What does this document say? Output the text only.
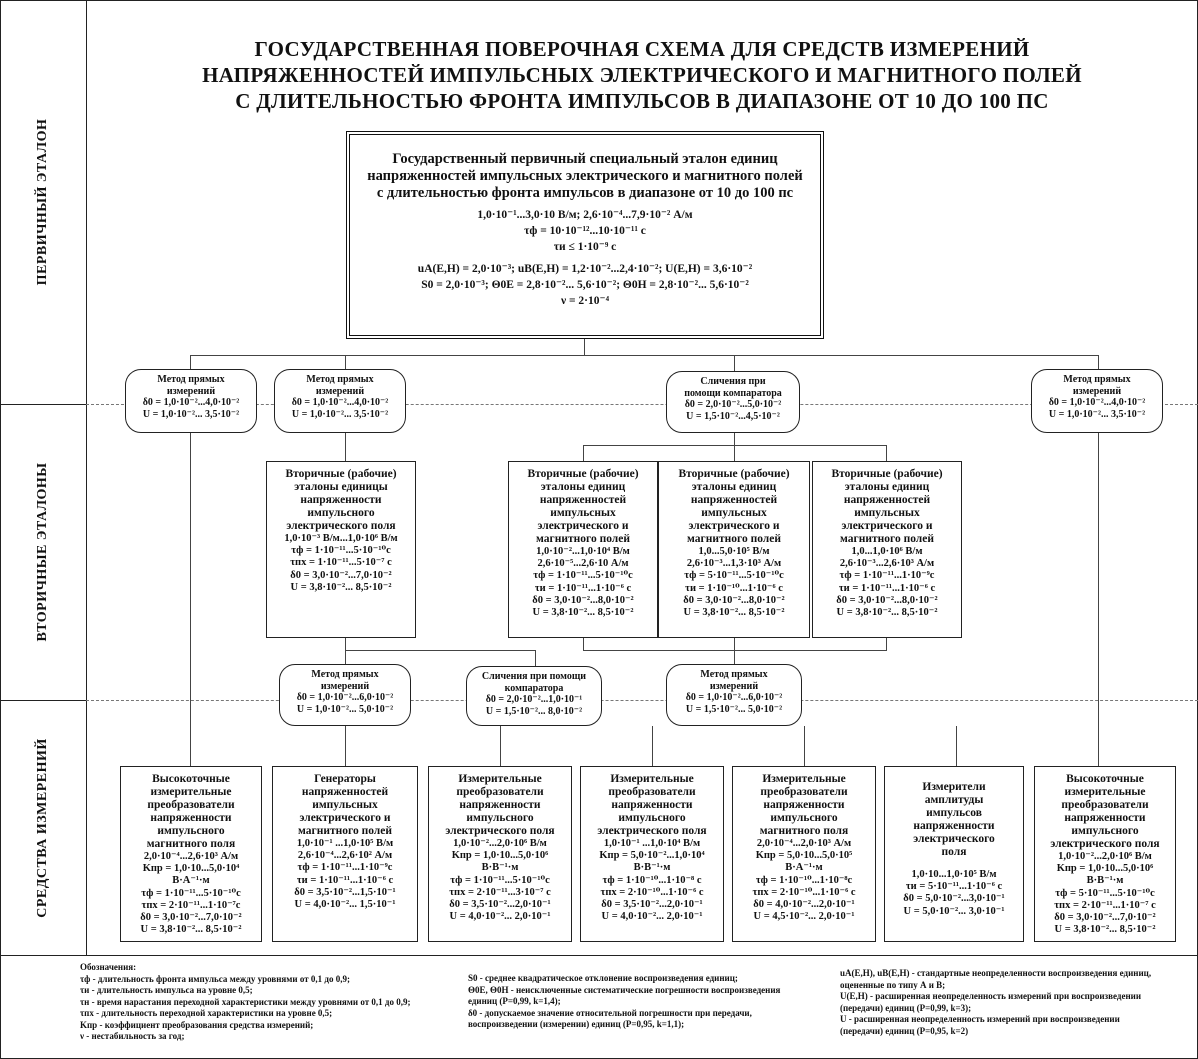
ПЕРВИЧНЫЙ ЭТАЛОН
ВТОРИЧНЫЕ ЭТАЛОНЫ
СРЕДСТВА ИЗМЕРЕНИЙ
ГОСУДАРСТВЕННАЯ ПОВЕРОЧНАЯ СХЕМА ДЛЯ СРЕДСТВ ИЗМЕРЕНИЙ
НАПРЯЖЕННОСТЕЙ ИМПУЛЬСНЫХ ЭЛЕКТРИЧЕСКОГО И МАГНИТНОГО ПОЛЕЙ
С ДЛИТЕЛЬНОСТЬЮ ФРОНТА ИМПУЛЬСОВ В ДИАПАЗОНЕ ОТ 10 ДО 100 ПС
Государственный первичный специальный эталон единиц
напряженностей импульсных электрического и магнитного полей
с длительностью фронта импульсов в диапазоне от 10 до 100 пс
1,0·10⁻¹...3,0·10 В/м; 2,6·10⁻⁴...7,9·10⁻² А/м
τф = 10·10⁻¹²...10·10⁻¹¹ с
τи ≤ 1·10⁻⁹ с
uA(E,H) = 2,0·10⁻³; uB(E,H) = 1,2·10⁻²...2,4·10⁻²; U(E,H) = 3,6·10⁻²
S0 = 2,0·10⁻³; Θ0E = 2,8·10⁻²... 5,6·10⁻²; Θ0H = 2,8·10⁻²... 5,6·10⁻²
ν = 2·10⁻⁴
Метод прямых измерений
δ0 = 1,0·10⁻²...4,0·10⁻²
U = 1,0·10⁻²... 3,5·10⁻²
Метод прямых измерений
δ0 = 1,0·10⁻²...4,0·10⁻²
U = 1,0·10⁻²... 3,5·10⁻²
Сличения при помощи компаратора
δ0 = 2,0·10⁻²...5,0·10⁻²
U = 1,5·10⁻²...4,5·10⁻²
Метод прямых измерений
δ0 = 1,0·10⁻²...4,0·10⁻²
U = 1,0·10⁻²... 3,5·10⁻²
Вторичные (рабочие) эталоны единицы напряженности импульсного электрического поля
1,0·10⁻³ В/м...1,0·10⁶ В/м
τф = 1·10⁻¹¹...5·10⁻¹⁰с
τпх = 1·10⁻¹¹...5·10⁻⁷ с
δ0 = 3,0·10⁻²...7,0·10⁻²
U = 3,8·10⁻²... 8,5·10⁻²
Вторичные (рабочие) эталоны единиц напряженностей импульсных электрического и магнитного полей
1,0·10⁻²...1,0·10⁴ В/м
2,6·10⁻⁵...2,6·10 А/м
τф = 1·10⁻¹¹...5·10⁻¹⁰с
τи = 1·10⁻¹¹...1·10⁻⁶ с
δ0 = 3,0·10⁻²...8,0·10⁻²
U = 3,8·10⁻²... 8,5·10⁻²
Вторичные (рабочие) эталоны единиц напряженностей импульсных электрического и магнитного полей
1,0...5,0·10⁵ В/м
2,6·10⁻³...1,3·10³ А/м
τф = 5·10⁻¹¹...5·10⁻¹⁰с
τи = 1·10⁻¹⁰...1·10⁻⁶ с
δ0 = 3,0·10⁻²...8,0·10⁻²
U = 3,8·10⁻²... 8,5·10⁻²
Вторичные (рабочие) эталоны единиц напряженностей импульсных электрического и магнитного полей
1,0...1,0·10⁶ В/м
2,6·10⁻³...2,6·10³ А/м
τф = 1·10⁻¹¹...1·10⁻⁹с
τи = 1·10⁻¹¹...1·10⁻⁶ с
δ0 = 3,0·10⁻²...8,0·10⁻²
U = 3,8·10⁻²... 8,5·10⁻²
Метод прямых измерений
δ0 = 1,0·10⁻²...6,0·10⁻²
U = 1,0·10⁻²... 5,0·10⁻²
Сличения при помощи компаратора
δ0 = 2,0·10⁻²...1,0·10⁻¹
U = 1,5·10⁻²... 8,0·10⁻²
Метод прямых измерений
δ0 = 1,0·10⁻²...6,0·10⁻²
U = 1,5·10⁻²... 5,0·10⁻²
Высокоточные измерительные преобразователи напряженности импульсного магнитного поля
2,0·10⁻⁴...2,6·10³ А/м
Kпр = 1,0·10...5,0·10⁴ В·А⁻¹·м
τф = 1·10⁻¹¹...5·10⁻¹⁰с
τпх = 2·10⁻¹¹...1·10⁻⁷с
δ0 = 3,0·10⁻²...7,0·10⁻²
U = 3,8·10⁻²... 8,5·10⁻²
Генераторы напряженностей импульсных электрического и магнитного полей
1,0·10⁻¹ ...1,0·10⁵ В/м
2,6·10⁻⁴...2,6·10² А/м
τф = 1·10⁻¹¹...1·10⁻⁹с
τи = 1·10⁻¹¹...1·10⁻⁶ с
δ0 = 3,5·10⁻²...1,5·10⁻¹
U = 4,0·10⁻²... 1,5·10⁻¹
Измерительные преобразователи напряженности импульсного электрического поля
1,0·10⁻²...2,0·10⁶ В/м
Kпр = 1,0·10...5,0·10⁶ В·В⁻¹·м
τф = 1·10⁻¹¹...5·10⁻¹⁰с
τпх = 2·10⁻¹¹...3·10⁻⁷ с
δ0 = 3,5·10⁻²...2,0·10⁻¹
U = 4,0·10⁻²... 2,0·10⁻¹
Измерительные преобразователи напряженности импульсного электрического поля
1,0·10⁻¹ ...1,0·10⁴ В/м
Kпр = 5,0·10⁻²...1,0·10⁴ В·В⁻¹·м
τф = 1·10⁻¹⁰...1·10⁻⁸ с
τпх = 2·10⁻¹⁰...1·10⁻⁶ с
δ0 = 3,5·10⁻²...2,0·10⁻¹
U = 4,0·10⁻²... 2,0·10⁻¹
Измерительные преобразователи напряженности импульсного магнитного поля
2,0·10⁻⁴...2,0·10³ А/м
Kпр = 5,0·10...5,0·10⁵ В·А⁻¹·м
τф = 1·10⁻¹⁰...1·10⁻⁸с
τпх = 2·10⁻¹⁰...1·10⁻⁶ с
δ0 = 4,0·10⁻²...2,0·10⁻¹
U = 4,5·10⁻²... 2,0·10⁻¹
Измерители амплитуды импульсов напряженности электрического поля
1,0·10...1,0·10⁵ В/м
τи = 5·10⁻¹¹...1·10⁻⁶ с
δ0 = 5,0·10⁻²...3,0·10⁻¹
U = 5,0·10⁻²... 3,0·10⁻¹
Высокоточные измерительные преобразователи напряженности импульсного электрического поля
1,0·10⁻²...2,0·10⁶ В/м
Kпр = 1,0·10...5,0·10⁶ В·В⁻¹·м
τф = 5·10⁻¹¹...5·10⁻¹⁰с
τпх = 2·10⁻¹¹...1·10⁻⁷ с
δ0 = 3,0·10⁻²...7,0·10⁻²
U = 3,8·10⁻²... 8,5·10⁻²
Обозначения:
τф - длительность фронта импульса между уровнями от 0,1 до 0,9;
τи - длительность импульса на уровне 0,5;
τн - время нарастания переходной характеристики между уровнями от 0,1 до 0,9;
τпх - длительность переходной характеристики на уровне 0,5;
Kпр - коэффициент преобразования средства измерений;
ν - нестабильность за год;
S0 - среднее квадратическое отклонение воспроизведения единиц;
Θ0E, Θ0H - неисключенные систематические погрешности воспроизведения
единиц (P=0,99, k=1,4);
δ0 - допускаемое значение относительной погрешности при передачи,
воспроизведении (измерении) единиц (P=0,95, k=1,1);
uA(E,H), uB(E,H) - стандартные неопределенности воспроизведения единиц,
оцененные по типу А и В;
U(E,H) - расширенная неопределенность измерений при воспроизведении
(передачи) единиц (P=0,99, k=3);
U - расширенная неопределенность измерений при воспроизведении
(передачи) единиц (P=0,95, k=2)
